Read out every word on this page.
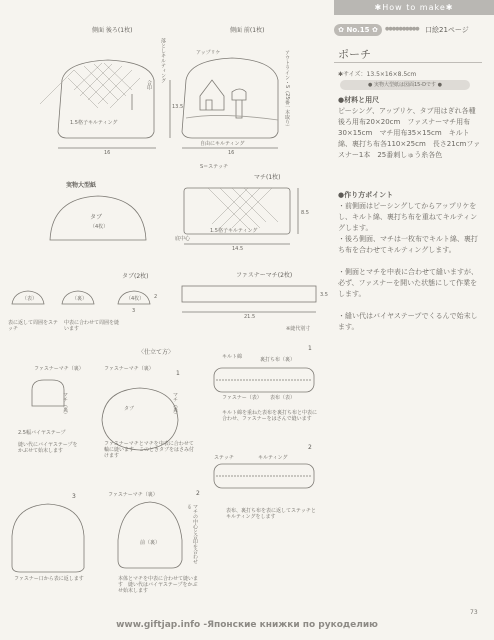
✱How to make✱
✿ No.15 ✿	●●●●●●●●●● 口絵21ページ
ポーチ
✱サイズ：13.5×16×8.5cm
● 実物大型紙は図面15-Dです ●
●材料と用尺
ピーシング、アップリケ、タブ用はぎれ各種　後ろ用布20×20cm　ファスナーマチ用布30×15cm　マチ用布35×15cm　キルト綿、裏打ち布各110×25cm　長さ21cmファスナー1本　25番刺しゅう糸各色
●作り方ポイント
・前側面はピーシングしてからアップリケをし、キルト綿、裏打ち布を重ねてキルティングします。
・後ろ側面、マチは一枚布でキルト綿、裏打ち布を合わせてキルティングします。
・側面とマチを中表に合わせて縫いますが、必ず、ファスナーを開いた状態にして作業をします。
・縫い代はバイヤステープでくるんで始末します。
側面 後ろ(1枚)	側面 前(1枚)
1.5格子キルティング
アップリケ
落としキルティング
合印	アウトライン・S（25番一本取り）
自由にキルティング
16	16
13.5
S＝ステッチ
マチ(1枚)
1.5格子キルティング
底中心
14.5
8.5
実物大型紙
タブ
（4枚）
タブ(2枚)
（表）	（裏）	（4枚）
表に返して周囲をステッチ
中表に合わせて周囲を縫います
2
3
ファスナーマチ(2枚)
21.5
3.5
※縫代別寸
〈仕立て方〉
ファスナーマチ（裏）	ファスナーマチ（裏）
マチ（裏）	マチ（裏）
タブ
2.5幅バイヤステープ
縫い代にバイヤステープをかぶせて始末します
1
ファスナーマチとマチを中表に合わせて輪に縫います　このときタブをはさみ付けます
キルト綿	裏打ち布（裏）
ファスナー（表） 表布（表）
1
キルト綿を重ねた表布を裏打ち布と中表に合わせ、ファスナーをはさんで縫います
2
ステッチ	キルティング
表布、裏打ち布を表に返してステッチとキルティングをします
3
ファスナー口から表に返します
2
ファスナーマチ（裏）
前（裏）	マチの中心と合印を合わせる
本体とマチを中表に合わせて縫います　縫い代はバイヤステープをかぶせ始末します
73
www.giftjap.info -Японские книжки по рукоделию
